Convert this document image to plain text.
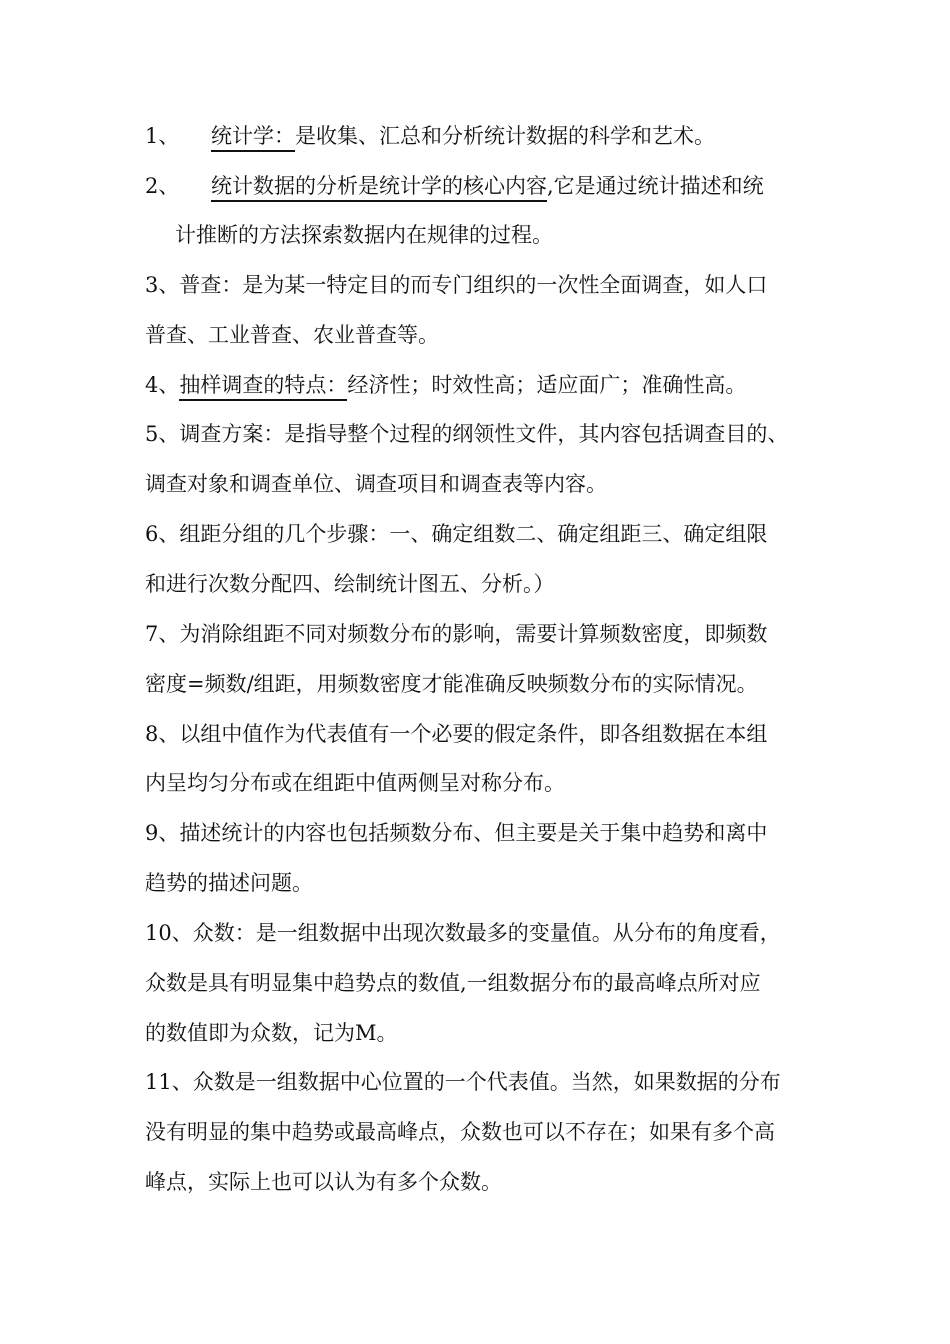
1、 统计学：是收集、汇总和分析统计数据的科学和艺术。
2、 统计数据的分析是统计学的核心内容,它是通过统计描述和统
计推断的方法探索数据内在规律的过程。
3、普查：是为某一特定目的而专门组织的一次性全面调查，如人口
普查、工业普查、农业普查等。
4、抽样调查的特点：经济性；时效性高；适应面广；准确性高。
5、调查方案：是指导整个过程的纲领性文件，其内容包括调查目的、
调查对象和调查单位、调查项目和调查表等内容。
6、组距分组的几个步骤：一、确定组数二、确定组距三、确定组限
和进行次数分配四、绘制统计图五、分析。）
7、为消除组距不同对频数分布的影响，需要计算频数密度，即频数
密度=频数/组距，用频数密度才能准确反映频数分布的实际情况。
8、以组中值作为代表值有一个必要的假定条件，即各组数据在本组
内呈均匀分布或在组距中值两侧呈对称分布。
9、描述统计的内容也包括频数分布、但主要是关于集中趋势和离中
趋势的描述问题。
10、众数：是一组数据中出现次数最多的变量值。从分布的角度看，
众数是具有明显集中趋势点的数值,一组数据分布的最高峰点所对应
的数值即为众数，记为M。
11、众数是一组数据中心位置的一个代表值。当然，如果数据的分布
没有明显的集中趋势或最高峰点，众数也可以不存在；如果有多个高
峰点，实际上也可以认为有多个众数。
